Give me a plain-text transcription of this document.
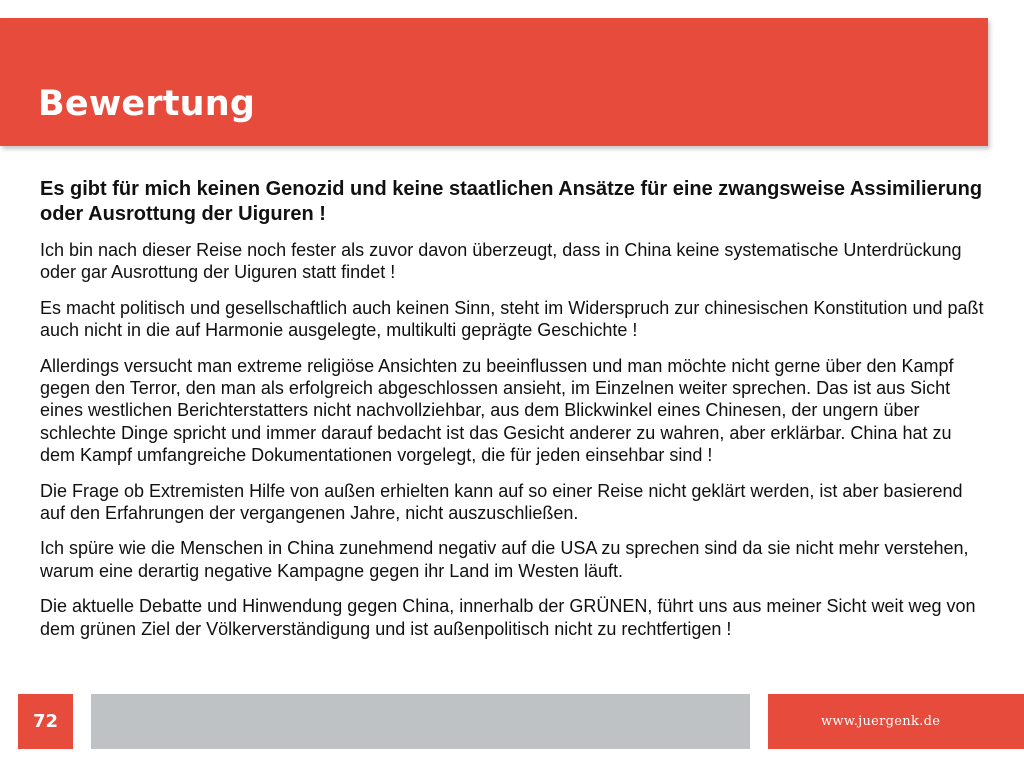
Bewertung

Es gibt für mich keinen Genozid und keine staatlichen Ansätze für eine zwangsweise Assimilierung oder Ausrottung der Uiguren !

Ich bin nach dieser Reise noch fester als zuvor davon überzeugt, dass in China keine systematische Unterdrückung oder gar Ausrottung der Uiguren statt findet !

Es macht politisch und gesellschaftlich auch keinen Sinn, steht im Widerspruch zur chinesischen Konstitution und paßt auch nicht in die auf Harmonie ausgelegte, multikulti geprägte Geschichte !

Allerdings versucht man extreme religiöse Ansichten zu beeinflussen und man möchte nicht gerne über den Kampf gegen den Terror, den man als erfolgreich abgeschlossen ansieht, im Einzelnen weiter sprechen. Das ist aus Sicht eines westlichen Berichterstatters nicht nachvollziehbar, aus dem Blickwinkel eines Chinesen, der ungern über schlechte Dinge spricht und immer darauf bedacht ist das Gesicht anderer zu wahren, aber erklärbar. China hat zu dem Kampf umfangreiche Dokumentationen vorgelegt, die für jeden einsehbar sind !

Die Frage ob Extremisten Hilfe von außen erhielten kann auf so einer Reise nicht geklärt werden, ist aber basierend auf den Erfahrungen der vergangenen Jahre, nicht auszuschließen.

Ich spüre wie die Menschen in China zunehmend negativ auf die USA zu sprechen sind da sie nicht mehr verstehen, warum eine derartig negative Kampagne gegen ihr Land im Westen läuft.

Die aktuelle Debatte und Hinwendung gegen China, innerhalb der GRÜNEN, führt uns aus meiner Sicht weit weg von dem grünen Ziel der Völkerverständigung und ist außenpolitisch nicht zu rechtfertigen !

72	www.juergenk.de
